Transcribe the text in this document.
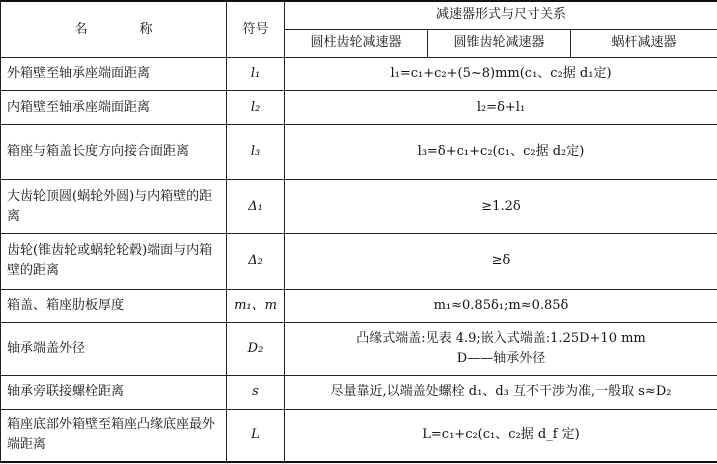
名 称	符号	减速器形式与尺寸关系		
		圆柱齿轮减速器	圆锥齿轮减速器	蜗杆减速器
外箱壁至轴承座端面距离	l₁	l₁=c₁+c₂+(5~8)mm(c₁、c₂据 d₁定)		
内箱壁至轴承座端面距离	l₂	l₂=δ+l₁		
箱座与箱盖长度方向接合面距离	l₃	l₃=δ+c₁+c₂(c₁、c₂据 d₂定)		
大齿轮顶圆(蜗轮外圆)与内箱壁的距离	Δ₁	≥1.2δ		
齿轮(锥齿轮或蜗轮轮毂)端面与内箱壁的距离	Δ₂	≥δ		
箱盖、箱座肋板厚度	m₁、m	m₁≈0.85δ₁;m≈0.85δ		
轴承端盖外径	D₂	凸缘式端盖:见表 4.9;嵌入式端盖:1.25D+10 mm
D——轴承外径		

轴承旁联接螺栓距离	s	尽量靠近,以端盖处螺栓 d₁、d₃ 互不干涉为准,一般取 s≈D₂		
箱座底部外箱壁至箱座凸缘底座最外端距离	L	L=c₁+c₂(c₁、c₂据 d_f 定)		
